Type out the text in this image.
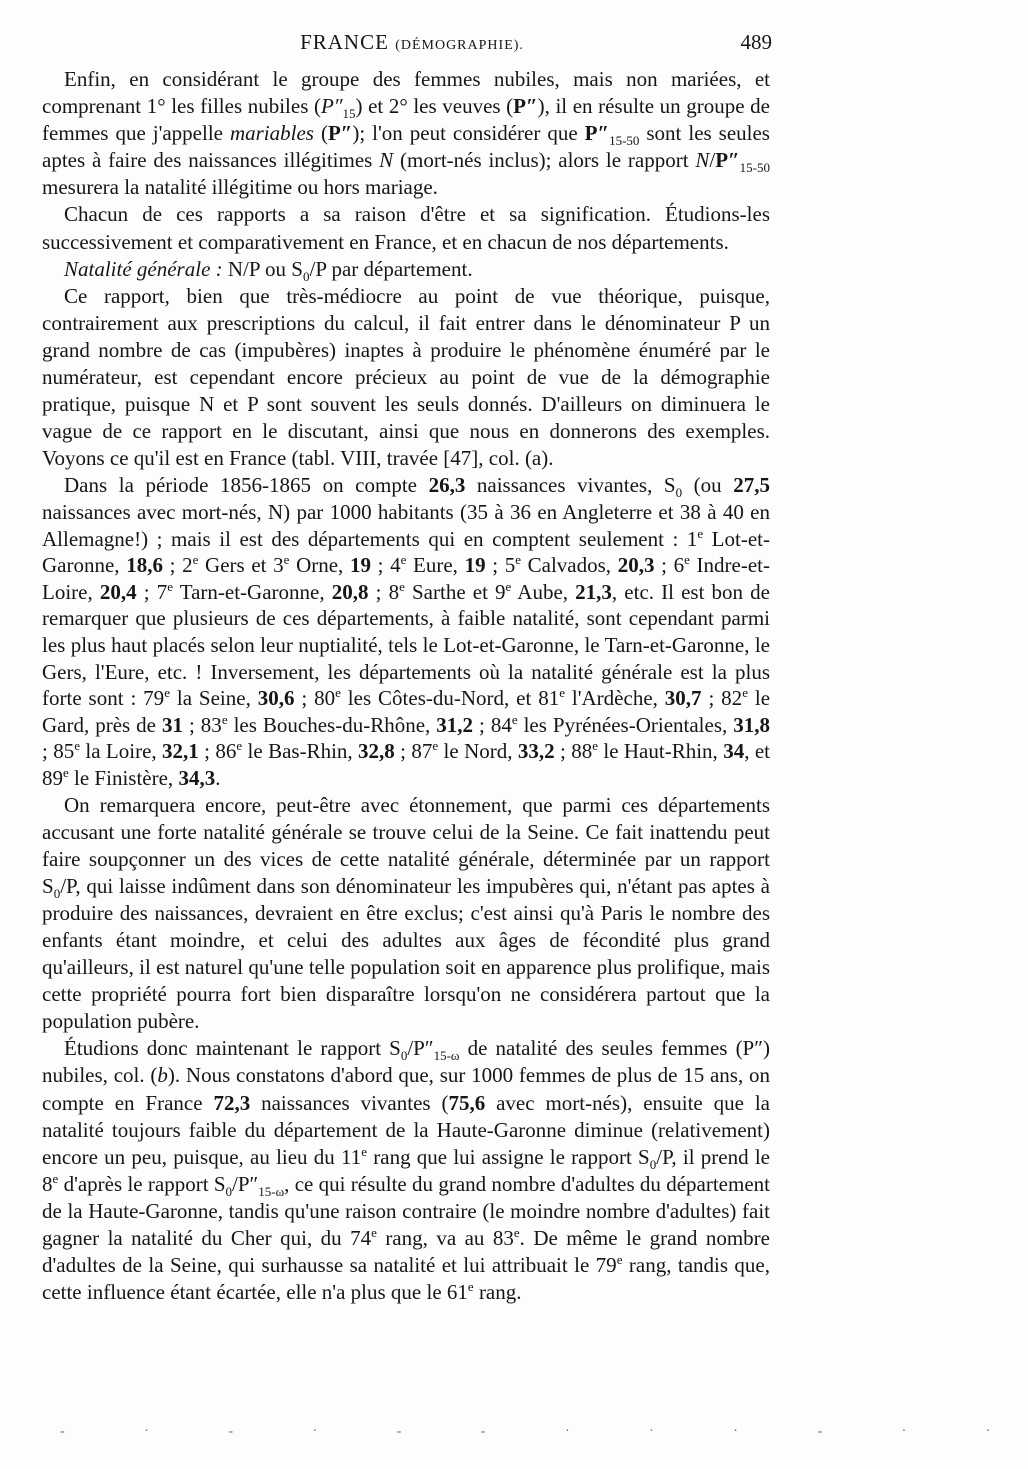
FRANCE (DÉMOGRAPHIE).	489

Enfin, en considérant le groupe des femmes nubiles, mais non mariées, et comprenant 1° les filles nubiles $(P''_{15})$ et 2° les veuves (P″), il en résulte un groupe de femmes que j'appelle mariables (P″); l'on peut considérer que $P''_{15-50}$ sont les seules aptes à faire des naissances illégitimes N (mort-nés inclus); alors le rapport $N/P''_{15-50}$ mesurera la natalité illégitime ou hors mariage.

Chacun de ces rapports a sa raison d'être et sa signification. Étudions-les successivement et comparativement en France, et en chacun de nos départements.

Natalité générale : N/P ou $S_0/P$ par département.

Ce rapport, bien que très-médiocre au point de vue théorique, puisque, contrairement aux prescriptions du calcul, il fait entrer dans le dénominateur P un grand nombre de cas (impubères) inaptes à produire le phénomène énuméré par le numérateur, est cependant encore précieux au point de vue de la démographie pratique, puisque N et P sont souvent les seuls donnés. D'ailleurs on diminuera le vague de ce rapport en le discutant, ainsi que nous en donnerons des exemples. Voyons ce qu'il est en France (tabl. VIII, travée [47], col. (a).

Dans la période 1856-1865 on compte 26,3 naissances vivantes, $S_0$ (ou 27,5 naissances avec mort-nés, N) par 1000 habitants (35 à 36 en Angleterre et 38 à 40 en Allemagne!) ; mais il est des départements qui en comptent seulement : 1e Lot-et-Garonne, 18,6 ; 2e Gers et 3e Orne, 19 ; 4e Eure, 19 ; 5e Calvados, 20,3 ; 6e Indre-et-Loire, 20,4 ; 7e Tarn-et-Garonne, 20,8 ; 8e Sarthe et 9e Aube, 21,3, etc. Il est bon de remarquer que plusieurs de ces départements, à faible natalité, sont cependant parmi les plus haut placés selon leur nuptialité, tels le Lot-et-Garonne, le Tarn-et-Garonne, le Gers, l'Eure, etc. ! Inversement, les départements où la natalité générale est la plus forte sont : 79e la Seine, 30,6 ; 80e les Côtes-du-Nord, et 81e l'Ardèche, 30,7 ; 82e le Gard, près de 31 ; 83e les Bouches-du-Rhône, 31,2 ; 84e les Pyrénées-Orientales, 31,8 ; 85e la Loire, 32,1 ; 86e le Bas-Rhin, 32,8 ; 87e le Nord, 33,2 ; 88e le Haut-Rhin, 34, et 89e le Finistère, 34,3.

On remarquera encore, peut-être avec étonnement, que parmi ces départements accusant une forte natalité générale se trouve celui de la Seine. Ce fait inattendu peut faire soupçonner un des vices de cette natalité générale, déterminée par un rapport $S_0/P$, qui laisse indûment dans son dénominateur les impubères qui, n'étant pas aptes à produire des naissances, devraient en être exclus; c'est ainsi qu'à Paris le nombre des enfants étant moindre, et celui des adultes aux âges de fécondité plus grand qu'ailleurs, il est naturel qu'une telle population soit en apparence plus prolifique, mais cette propriété pourra fort bien disparaître lorsqu'on ne considérera partout que la population pubère.

Étudions donc maintenant le rapport $S_0/P''_{15-\omega}$ de natalité des seules femmes (P″) nubiles, col. (b). Nous constatons d'abord que, sur 1000 femmes de plus de 15 ans, on compte en France 72,3 naissances vivantes (75,6 avec mort-nés), ensuite que la natalité toujours faible du département de la Haute-Garonne diminue (relativement) encore un peu, puisque, au lieu du 11e rang que lui assigne le rapport $S_0/P$, il prend le 8e d'après le rapport $S_0/P''_{15-\omega}$, ce qui résulte du grand nombre d'adultes du département de la Haute-Garonne, tandis qu'une raison contraire (le moindre nombre d'adultes) fait gagner la natalité du Cher qui, du 74e rang, va au 83e. De même le grand nombre d'adultes de la Seine, qui surhausse sa natalité et lui attribuait le 79e rang, tandis que, cette influence étant écartée, elle n'a plus que le 61e rang.

- · - · - - · · · - · ·
